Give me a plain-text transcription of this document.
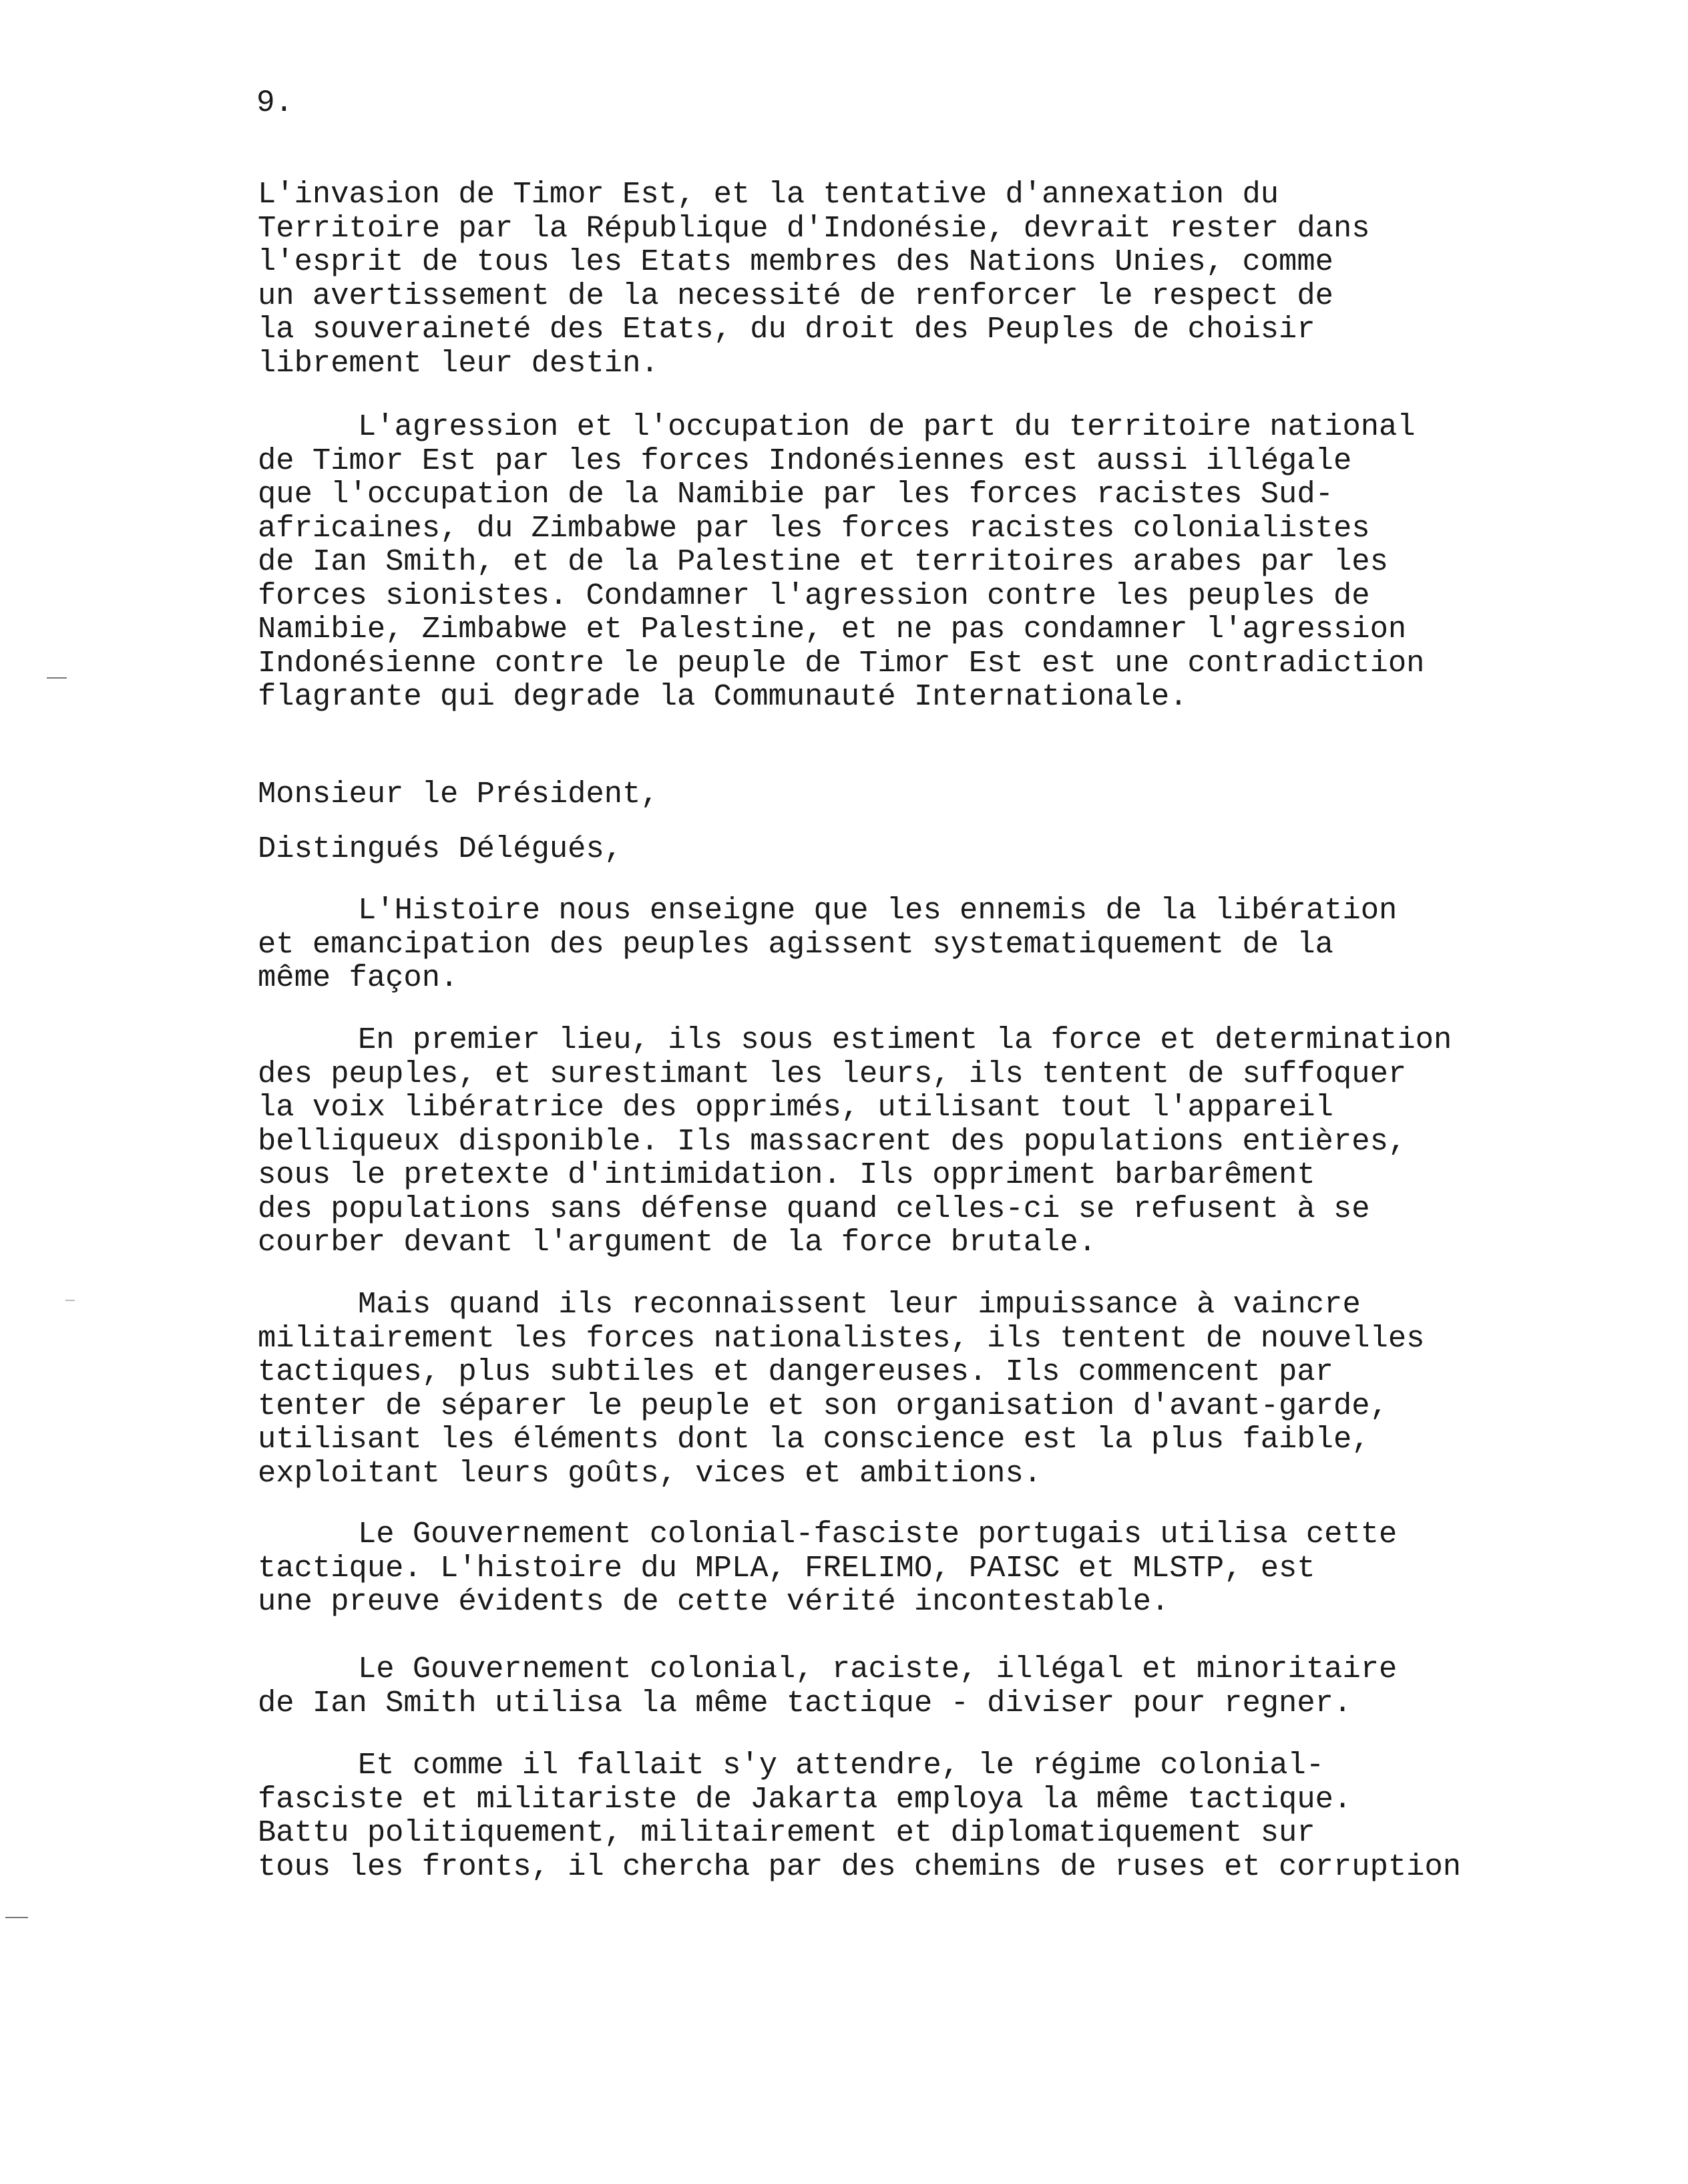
9.
L'invasion de Timor Est, et la tentative d'annexation du
Territoire par la République d'Indonésie, devrait rester dans
l'esprit de tous les Etats membres des Nations Unies, comme
un avertissement de la necessité de renforcer le respect de
la souveraineté des Etats, du droit des Peuples de choisir
librement leur destin.
L'agression et l'occupation de part du territoire national
de Timor Est par les forces Indonésiennes est aussi illégale
que l'occupation de la Namibie par les forces racistes Sud-
africaines, du Zimbabwe par les forces racistes colonialistes
de Ian Smith, et de la Palestine et territoires arabes par les
forces sionistes. Condamner l'agression contre les peuples de
Namibie, Zimbabwe et Palestine, et ne pas condamner l'agression
Indonésienne contre le peuple de Timor Est est une contradiction
flagrante qui degrade la Communauté Internationale.
Monsieur le Président,
Distingués Délégués,
L'Histoire nous enseigne que les ennemis de la libération
et emancipation des peuples agissent systematiquement de la
même façon.
En premier lieu, ils sous estiment la force et determination
des peuples, et surestimant les leurs, ils tentent de suffoquer
la voix libératrice des opprimés, utilisant tout l'appareil
belliqueux disponible. Ils massacrent des populations entières,
sous le pretexte d'intimidation. Ils oppriment barbarêment
des populations sans défense quand celles-ci se refusent à se
courber devant l'argument de la force brutale.
Mais quand ils reconnaissent leur impuissance à vaincre
militairement les forces nationalistes, ils tentent de nouvelles
tactiques, plus subtiles et dangereuses. Ils commencent par
tenter de séparer le peuple et son organisation d'avant-garde,
utilisant les éléments dont la conscience est la plus faible,
exploitant leurs goûts, vices et ambitions.
Le Gouvernement colonial-fasciste portugais utilisa cette
tactique. L'histoire du MPLA, FRELIMO, PAISC et MLSTP, est
une preuve évidents de cette vérité incontestable.
Le Gouvernement colonial, raciste, illégal et minoritaire
de Ian Smith utilisa la même tactique - diviser pour regner.
Et comme il fallait s'y attendre, le régime colonial-
fasciste et militariste de Jakarta employa la même tactique.
Battu politiquement, militairement et diplomatiquement sur
tous les fronts, il chercha par des chemins de ruses et corruption
